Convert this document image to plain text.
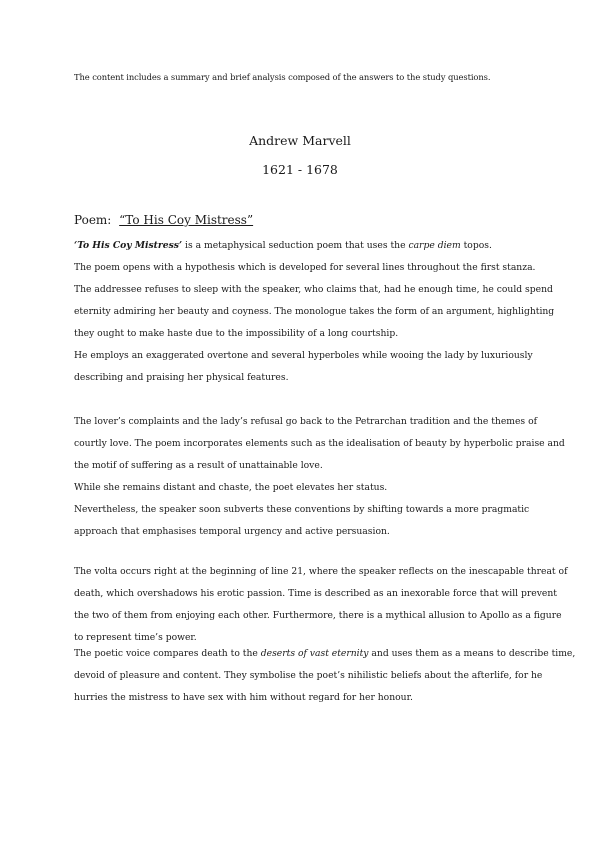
The content includes a summary and brief analysis composed of the answers to the study questions.
Andrew Marvell
1621 - 1678
Poem: “To His Coy Mistress”
‘To His Coy Mistress’ is a metaphysical seduction poem that uses the carpe diem topos.
The poem opens with a hypothesis which is developed for several lines throughout the first stanza.
The addressee refuses to sleep with the speaker, who claims that, had he enough time, he could spend
eternity admiring her beauty and coyness. The monologue takes the form of an argument, highlighting
they ought to make haste due to the impossibility of a long courtship.
He employs an exaggerated overtone and several hyperboles while wooing the lady by luxuriously
describing and praising her physical features.
The lover’s complaints and the lady’s refusal go back to the Petrarchan tradition and the themes of
courtly love. The poem incorporates elements such as the idealisation of beauty by hyperbolic praise and
the motif of suffering as a result of unattainable love.
While she remains distant and chaste, the poet elevates her status.
Nevertheless, the speaker soon subverts these conventions by shifting towards a more pragmatic
approach that emphasises temporal urgency and active persuasion.
The volta occurs right at the beginning of line 21, where the speaker reflects on the inescapable threat of
death, which overshadows his erotic passion. Time is described as an inexorable force that will prevent
the two of them from enjoying each other. Furthermore, there is a mythical allusion to Apollo as a figure
to represent time’s power.
The poetic voice compares death to the deserts of vast eternity and uses them as a means to describe time,
devoid of pleasure and content. They symbolise the poet’s nihilistic beliefs about the afterlife, for he
hurries the mistress to have sex with him without regard for her honour.
